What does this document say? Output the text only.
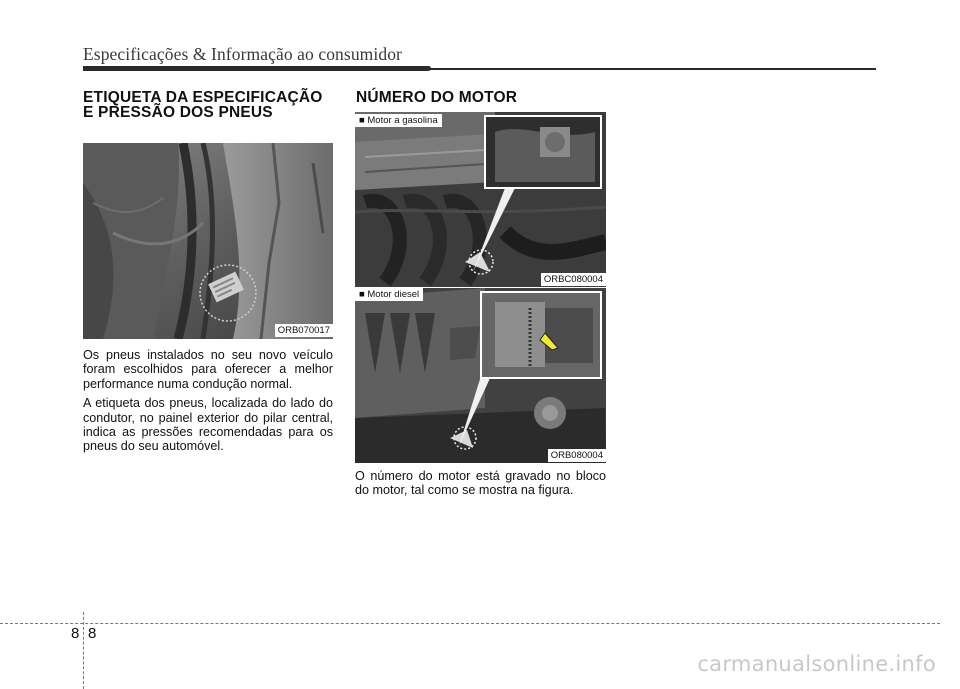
Especificações & Informação ao consumidor
ETIQUETA DA ESPECIFICAÇÃO E PRESSÃO DOS PNEUS
ORB070017

Os pneus instalados no seu novo veículo foram escolhidos para oferecer a melhor performance numa condução normal.

A etiqueta dos pneus, localizada do lado do condutor, no painel exterior do pilar central, indica as pressões recomendadas para os pneus do seu automóvel.

NÚMERO DO MOTOR
■ Motor a gasolina
ORBC080004
■ Motor diesel
ORB080004

O número do motor está gravado no bloco do motor, tal como se mostra na figura.

8 8
carmanualsonline.info
